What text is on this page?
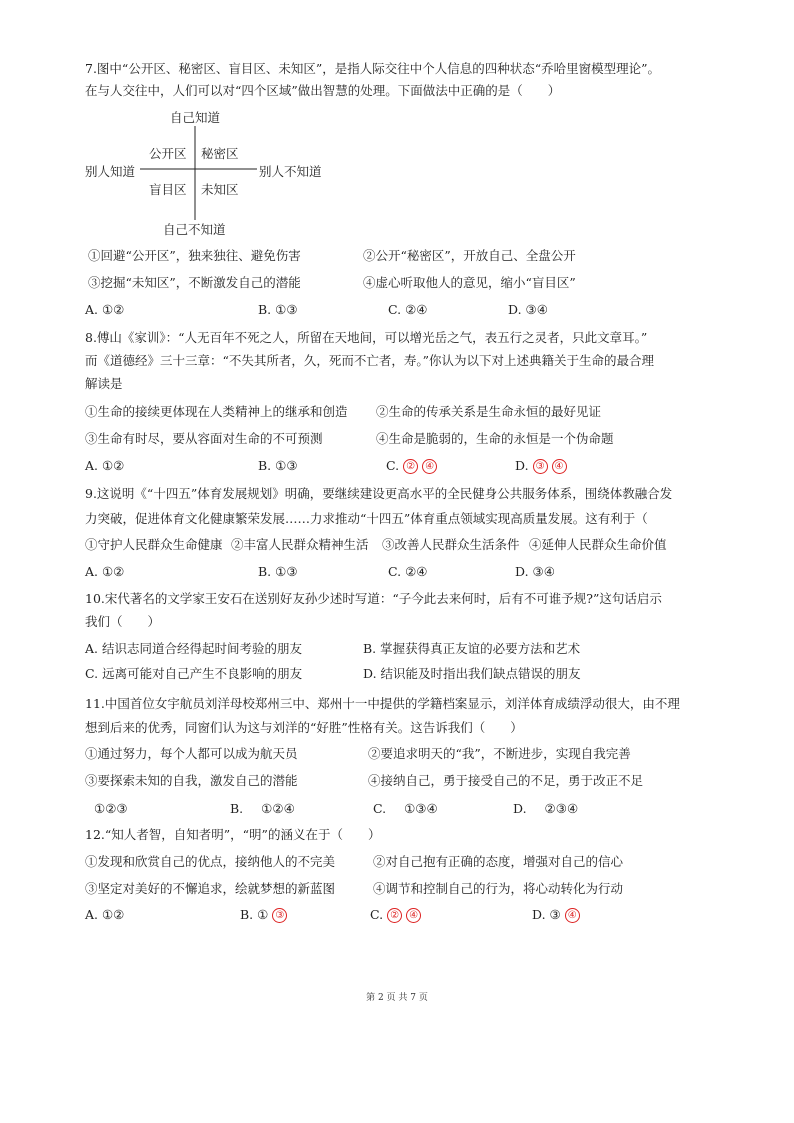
7.图中“公开区、秘密区、盲目区、未知区”，是指人际交往中个人信息的四种状态“乔哈里窗模型理论”。
在与人交往中，人们可以对“四个区域”做出智慧的处理。下面做法中正确的是（　　）
自己知道
公开区 秘密区
别人知道	别人不知道
盲目区 未知区
自己不知道
①回避“公开区”，独来独往、避免伤害	②公开“秘密区”，开放自己、全盘公开
③挖掘“未知区”，不断激发自己的潜能	④虚心听取他人的意见，缩小“盲目区”
A. ①②	B. ①③	C. ②④	D. ③④
8.傅山《家训》：“人无百年不死之人，所留在天地间，可以增光岳之气，表五行之灵者，只此文章耳。”
而《道德经》三十三章：“不失其所者，久，死而不亡者，寿。”你认为以下对上述典籍关于生命的最合理
解读是
①生命的接续更体现在人类精神上的继承和创造 ②生命的传承关系是生命永恒的最好见证
③生命有时尽，要从容面对生命的不可预测	④生命是脆弱的，生命的永恒是一个伪命题
A. ①②	B. ①③	C. ② ④	D. ③ ④
9.这说明《“十四五”体育发展规划》明确，要继续建设更高水平的全民健身公共服务体系，围绕体教融合发
力突破，促进体育文化健康繁荣发展……力求推动“十四五”体育重点领域实现高质量发展。这有利于（
①守护人民群众生命健康 ②丰富人民群众精神生活 ③改善人民群众生活条件 ④延伸人民群众生命价值
A. ①②	B. ①③	C. ②④	D. ③④
10.宋代著名的文学家王安石在送别好友孙少述时写道：“子今此去来何时，后有不可谁予规?”这句话启示
我们（　　）
A. 结识志同道合经得起时间考验的朋友	B. 掌握获得真正友谊的必要方法和艺术
C. 远离可能对自己产生不良影响的朋友	D. 结识能及时指出我们缺点错误的朋友
11.中国首位女宇航员刘洋母校郑州三中、郑州十一中提供的学籍档案显示，刘洋体育成绩浮动很大，由不理
想到后来的优秀，同窗们认为这与刘洋的“好胜”性格有关。这告诉我们（　　）
①通过努力，每个人都可以成为航天员	②要追求明天的“我”，不断进步，实现自我完善
③要探索未知的自我，激发自己的潜能	④接纳自己，勇于接受自己的不足，勇于改正不足
①②③	B. ①②④	C. ①③④	D. ②③④
12.“知人者智，自知者明”，“明”的涵义在于（　　）
①发现和欣赏自己的优点，接纳他人的不完美	②对自己抱有正确的态度，增强对自己的信心
③坚定对美好的不懈追求，绘就梦想的新蓝图	④调节和控制自己的行为，将心动转化为行动
A. ①②	B. ① ③	C. ② ④	D. ③ ④
第 2 页 共 7 页
